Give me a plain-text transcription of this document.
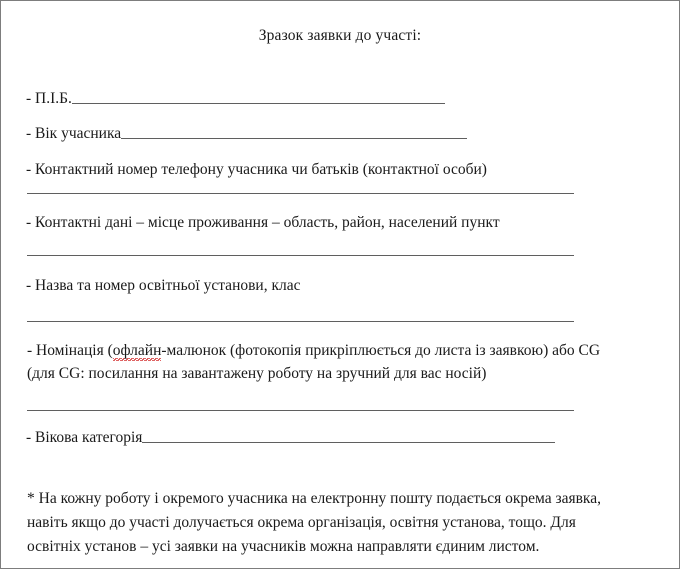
Зразок заявки до участі:
- П.І.Б.
- Вік учасника
- Контактний номер телефону учасника чи батьків (контактної особи)
- Контактні дані – місце проживання – область, район, населений пункт
- Назва та номер освітньої установи, клас
- Номінація (офлайн-малюнок (фотокопія прикріплюється до листа із заявкою) або CG
(для CG: посилання на завантажену роботу на зручний для вас носій)
- Вікова категорія
* На кожну роботу і окремого учасника на електронну пошту подається окрема заявка, навіть якщо до участі долучається окрема організація, освітня установа, тощо. Для освітніх установ – усі заявки на учасників можна направляти єдиним листом.
